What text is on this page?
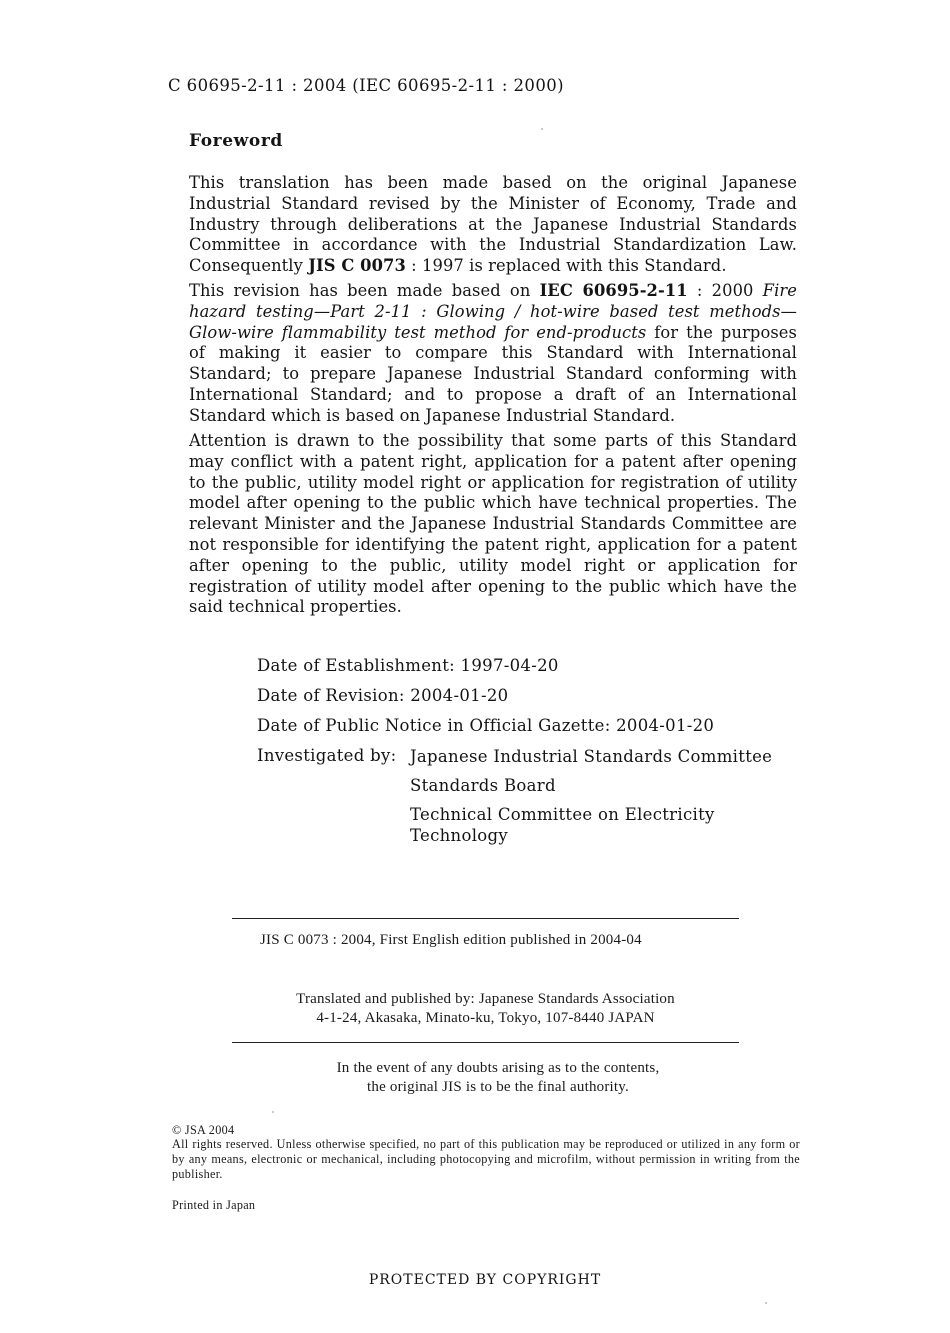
C 60695-2-11 : 2004 (IEC 60695-2-11 : 2000)
Foreword
This translation has been made based on the original Japanese Industrial Standard revised by the Minister of Economy, Trade and Industry through deliberations at the Japanese Industrial Standards Committee in accordance with the Industrial Standardization Law. Consequently JIS C 0073 : 1997 is replaced with this Standard.
This revision has been made based on IEC 60695-2-11 : 2000 Fire hazard testing—Part 2-11 : Glowing / hot-wire based test methods—Glow-wire flammability test method for end-products for the purposes of making it easier to compare this Standard with International Standard; to prepare Japanese Industrial Standard conforming with International Standard; and to propose a draft of an International Standard which is based on Japanese Industrial Standard.
Attention is drawn to the possibility that some parts of this Standard may conflict with a patent right, application for a patent after opening to the public, utility model right or application for registration of utility model after opening to the public which have technical properties. The relevant Minister and the Japanese Industrial Standards Committee are not responsible for identifying the patent right, application for a patent after opening to the public, utility model right or application for registration of utility model after opening to the public which have the said technical properties.
Date of Establishment: 1997-04-20
Date of Revision: 2004-01-20
Date of Public Notice in Official Gazette: 2004-01-20
Investigated by: Japanese Industrial Standards Committee
Standards Board
Technical Committee on Electricity
Technology
JIS C 0073 : 2004, First English edition published in 2004-04
Translated and published by: Japanese Standards Association
4-1-24, Akasaka, Minato-ku, Tokyo, 107-8440 JAPAN
In the event of any doubts arising as to the contents,
the original JIS is to be the final authority.
© JSA 2004
All rights reserved. Unless otherwise specified, no part of this publication may be reproduced or utilized in any form or by any means, electronic or mechanical, including photocopying and microfilm, without permission in writing from the publisher.
Printed in Japan
PROTECTED BY COPYRIGHT
